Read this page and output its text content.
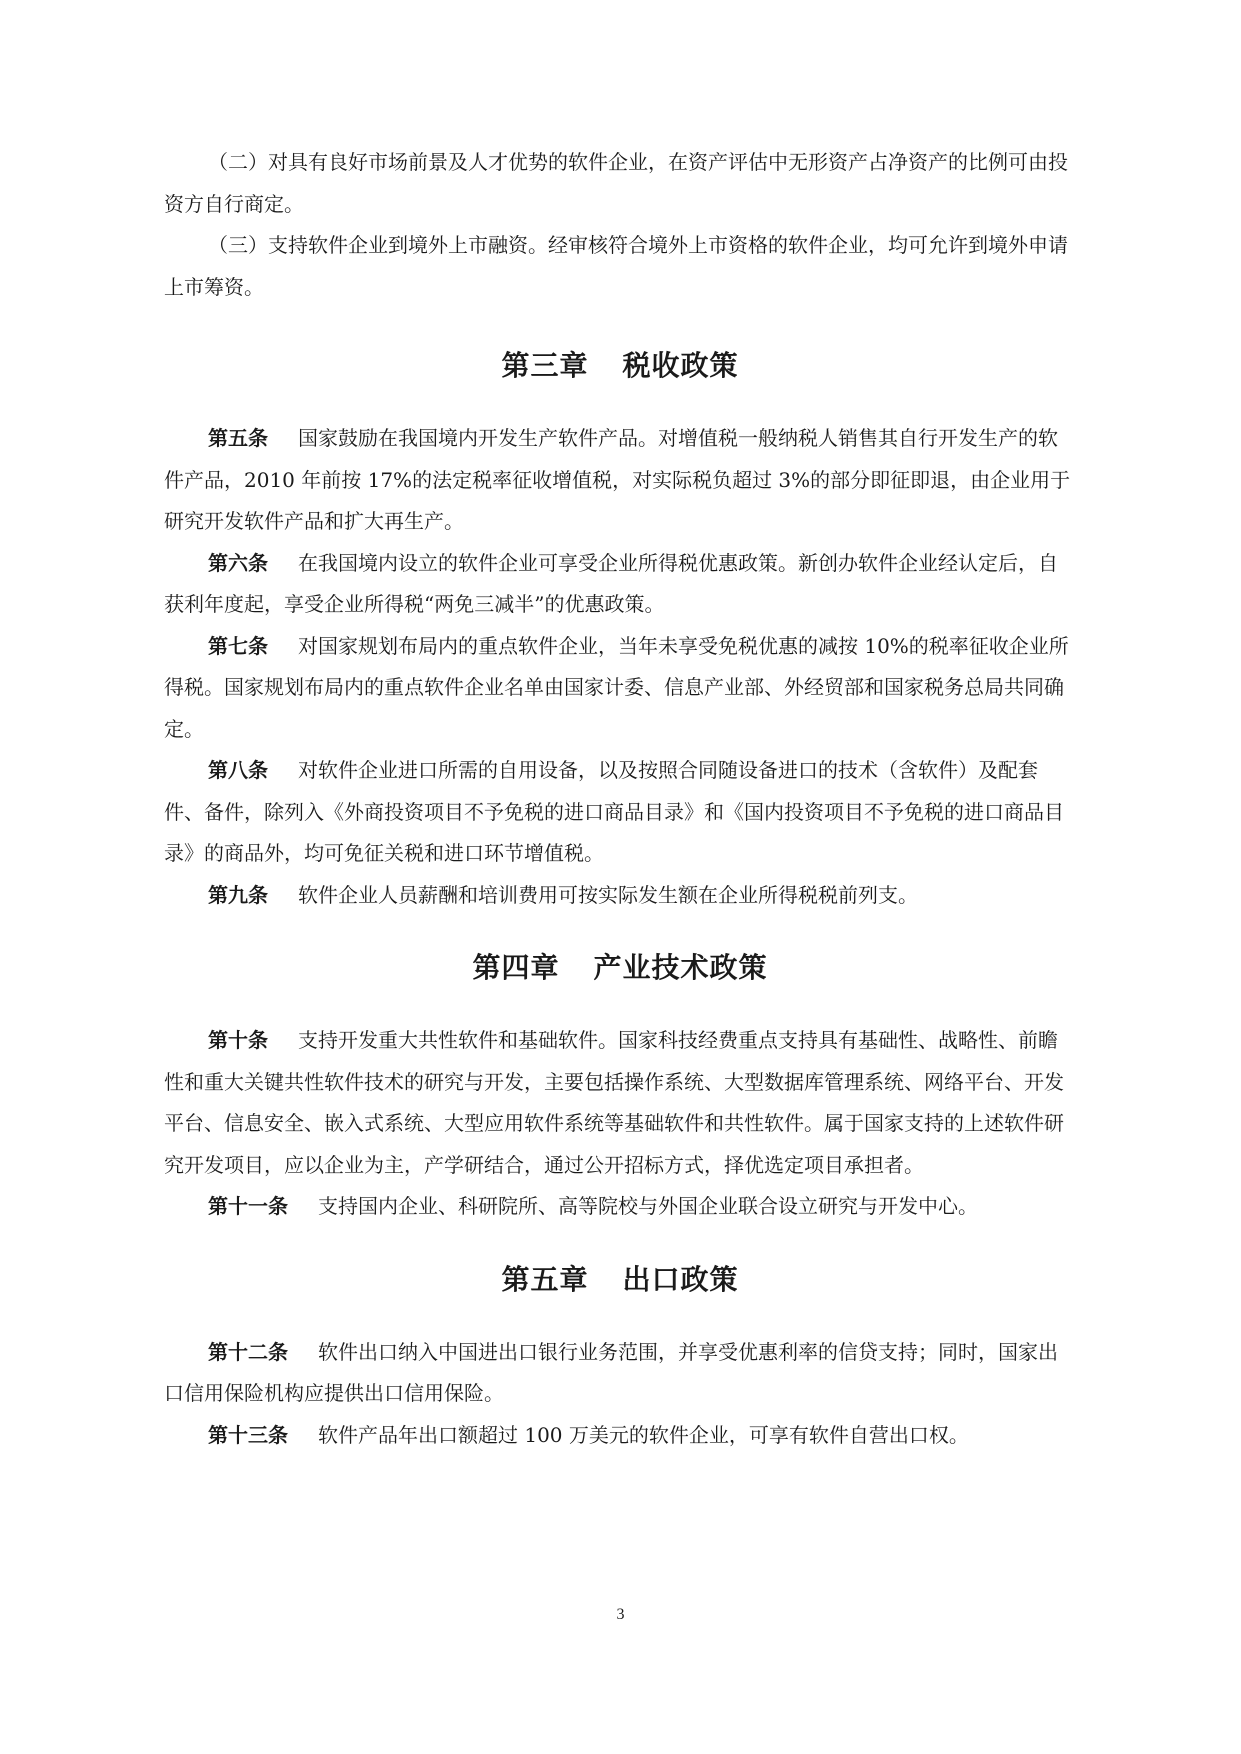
（二）对具有良好市场前景及人才优势的软件企业，在资产评估中无形资产占净资产的比例可由投资方自行商定。

（三）支持软件企业到境外上市融资。经审核符合境外上市资格的软件企业，均可允许到境外申请上市筹资。

第三章 税收政策

第五条 国家鼓励在我国境内开发生产软件产品。对增值税一般纳税人销售其自行开发生产的软件产品，2010 年前按 17%的法定税率征收增值税，对实际税负超过 3%的部分即征即退，由企业用于研究开发软件产品和扩大再生产。

第六条 在我国境内设立的软件企业可享受企业所得税优惠政策。新创办软件企业经认定后，自获利年度起，享受企业所得税“两免三减半”的优惠政策。

第七条 对国家规划布局内的重点软件企业，当年未享受免税优惠的减按 10%的税率征收企业所得税。国家规划布局内的重点软件企业名单由国家计委、信息产业部、外经贸部和国家税务总局共同确定。

第八条 对软件企业进口所需的自用设备，以及按照合同随设备进口的技术（含软件）及配套件、备件，除列入《外商投资项目不予免税的进口商品目录》和《国内投资项目不予免税的进口商品目录》的商品外，均可免征关税和进口环节增值税。

第九条 软件企业人员薪酬和培训费用可按实际发生额在企业所得税税前列支。

第四章 产业技术政策

第十条 支持开发重大共性软件和基础软件。国家科技经费重点支持具有基础性、战略性、前瞻性和重大关键共性软件技术的研究与开发，主要包括操作系统、大型数据库管理系统、网络平台、开发平台、信息安全、嵌入式系统、大型应用软件系统等基础软件和共性软件。属于国家支持的上述软件研究开发项目，应以企业为主，产学研结合，通过公开招标方式，择优选定项目承担者。

第十一条 支持国内企业、科研院所、高等院校与外国企业联合设立研究与开发中心。

第五章 出口政策

第十二条 软件出口纳入中国进出口银行业务范围，并享受优惠利率的信贷支持；同时，国家出口信用保险机构应提供出口信用保险。

第十三条 软件产品年出口额超过 100 万美元的软件企业，可享有软件自营出口权。

3
